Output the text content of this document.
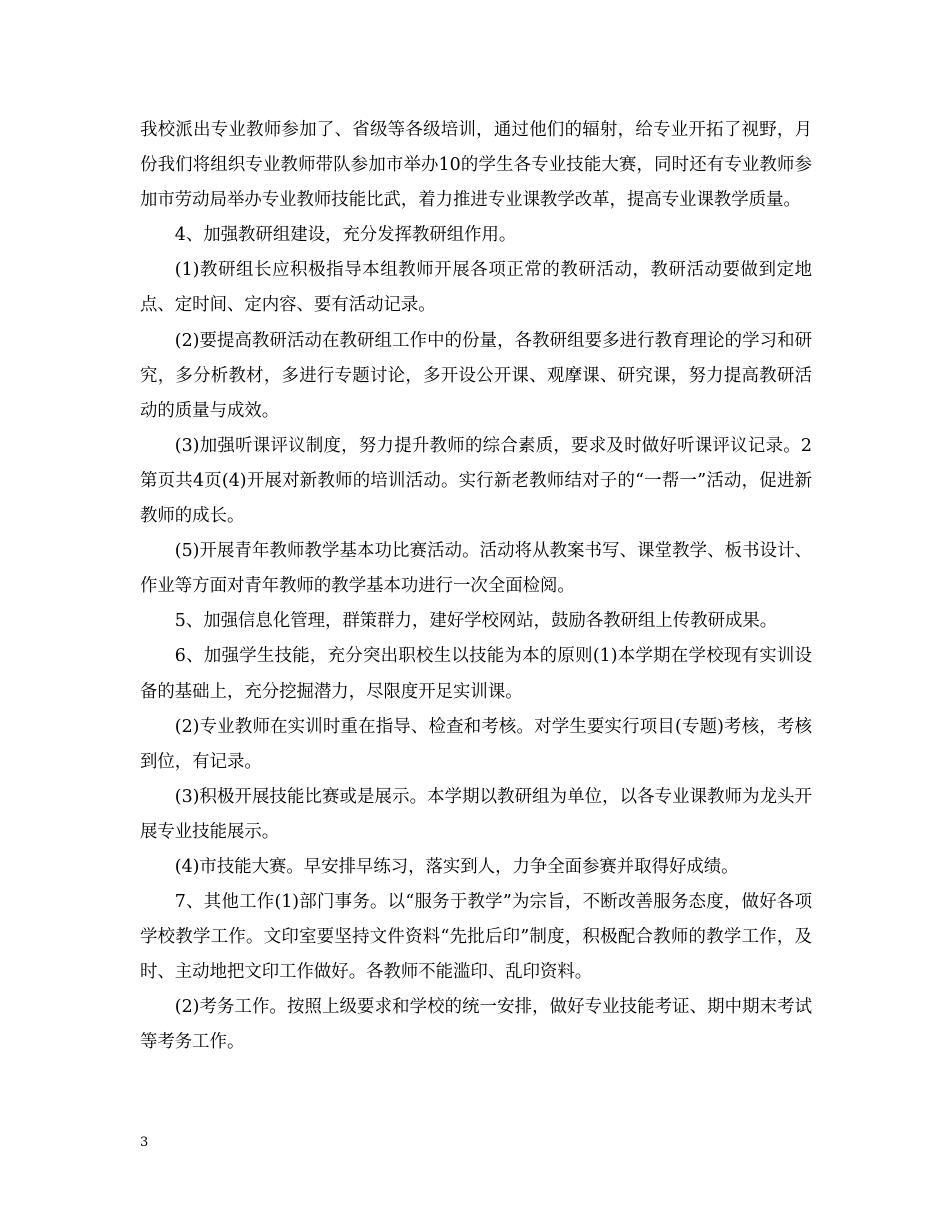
我校派出专业教师参加了、省级等各级培训，通过他们的辐射，给专业开拓了视野，月份我们将组织专业教师带队参加市举办10的学生各专业技能大赛，同时还有专业教师参加市劳动局举办专业教师技能比武，着力推进专业课教学改革，提高专业课教学质量。

4、加强教研组建设，充分发挥教研组作用。

(1)教研组长应积极指导本组教师开展各项正常的教研活动，教研活动要做到定地点、定时间、定内容、要有活动记录。

(2)要提高教研活动在教研组工作中的份量，各教研组要多进行教育理论的学习和研究，多分析教材，多进行专题讨论，多开设公开课、观摩课、研究课，努力提高教研活动的质量与成效。

(3)加强听课评议制度，努力提升教师的综合素质，要求及时做好听课评议记录。2第页共4页(4)开展对新教师的培训活动。实行新老教师结对子的“一帮一”活动，促进新教师的成长。

(5)开展青年教师教学基本功比赛活动。活动将从教案书写、课堂教学、板书设计、作业等方面对青年教师的教学基本功进行一次全面检阅。

5、加强信息化管理，群策群力，建好学校网站，鼓励各教研组上传教研成果。

6、加强学生技能，充分突出职校生以技能为本的原则(1)本学期在学校现有实训设备的基础上，充分挖掘潜力，尽限度开足实训课。

(2)专业教师在实训时重在指导、检查和考核。对学生要实行项目(专题)考核，考核到位，有记录。

(3)积极开展技能比赛或是展示。本学期以教研组为单位，以各专业课教师为龙头开展专业技能展示。

(4)市技能大赛。早安排早练习，落实到人，力争全面参赛并取得好成绩。

7、其他工作(1)部门事务。以“服务于教学”为宗旨，不断改善服务态度，做好各项学校教学工作。文印室要坚持文件资料“先批后印”制度，积极配合教师的教学工作，及时、主动地把文印工作做好。各教师不能滥印、乱印资料。

(2)考务工作。按照上级要求和学校的统一安排，做好专业技能考证、期中期末考试等考务工作。

3
